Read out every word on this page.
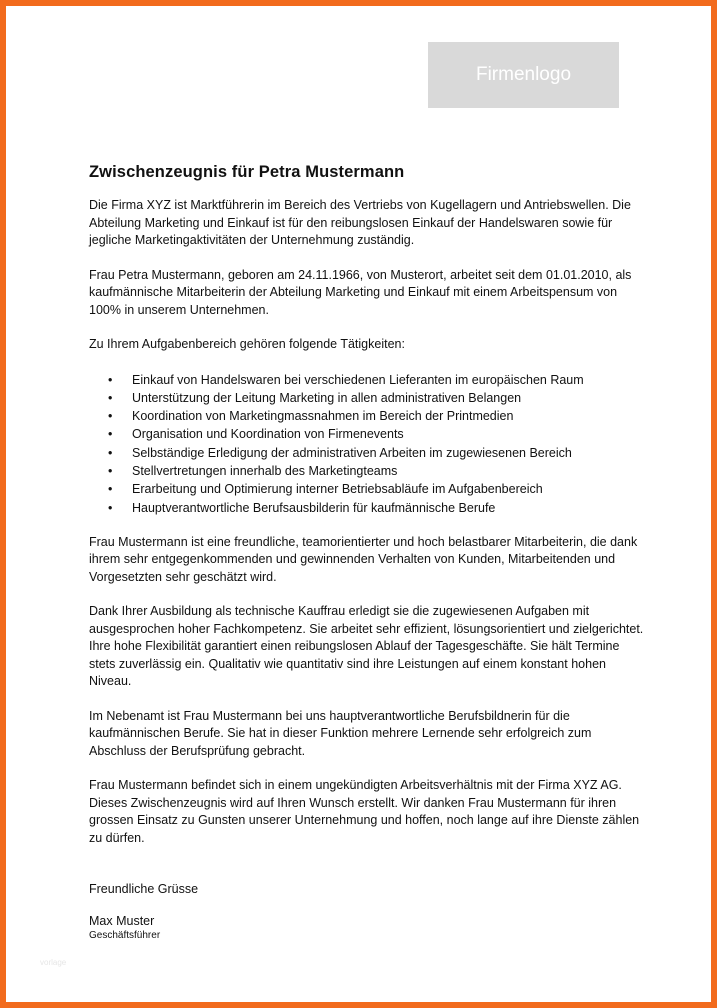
Firmenlogo
Zwischenzeugnis für Petra Mustermann

Die Firma XYZ ist Marktführerin im Bereich des Vertriebs von Kugellagern und Antriebswellen. Die Abteilung Marketing und Einkauf ist für den reibungslosen Einkauf der Handelswaren sowie für jegliche Marketingaktivitäten der Unternehmung zuständig.

Frau Petra Mustermann, geboren am 24.11.1966, von Musterort, arbeitet seit dem 01.01.2010, als kaufmännische Mitarbeiterin der Abteilung Marketing und Einkauf mit einem Arbeitspensum von 100% in unserem Unternehmen.

Zu Ihrem Aufgabenbereich gehören folgende Tätigkeiten:

• Einkauf von Handelswaren bei verschiedenen Lieferanten im europäischen Raum
• Unterstützung der Leitung Marketing in allen administrativen Belangen
• Koordination von Marketingmassnahmen im Bereich der Printmedien
• Organisation und Koordination von Firmenevents
• Selbständige Erledigung der administrativen Arbeiten im zugewiesenen Bereich
• Stellvertretungen innerhalb des Marketingteams
• Erarbeitung und Optimierung interner Betriebsabläufe im Aufgabenbereich
• Hauptverantwortliche Berufsausbilderin für kaufmännische Berufe

Frau Mustermann ist eine freundliche, teamorientierter und hoch belastbarer Mitarbeiterin, die dank ihrem sehr entgegenkommenden und gewinnenden Verhalten von Kunden, Mitarbeitenden und Vorgesetzten sehr geschätzt wird.

Dank Ihrer Ausbildung als technische Kauffrau erledigt sie die zugewiesenen Aufgaben mit ausgesprochen hoher Fachkompetenz. Sie arbeitet sehr effizient, lösungsorientiert und zielgerichtet. Ihre hohe Flexibilität garantiert einen reibungslosen Ablauf der Tagesgeschäfte. Sie hält Termine stets zuverlässig ein. Qualitativ wie quantitativ sind ihre Leistungen auf einem konstant hohen Niveau.

Im Nebenamt ist Frau Mustermann bei uns hauptverantwortliche Berufsbildnerin für die kaufmännischen Berufe. Sie hat in dieser Funktion mehrere Lernende sehr erfolgreich zum Abschluss der Berufsprüfung gebracht.

Frau Mustermann befindet sich in einem ungekündigten Arbeitsverhältnis mit der Firma XYZ AG. Dieses Zwischenzeugnis wird auf Ihren Wunsch erstellt. Wir danken Frau Mustermann für ihren grossen Einsatz zu Gunsten unserer Unternehmung und hoffen, noch lange auf ihre Dienste zählen zu dürfen.

Freundliche Grüsse
Max Muster
Geschäftsführer
vorlage
